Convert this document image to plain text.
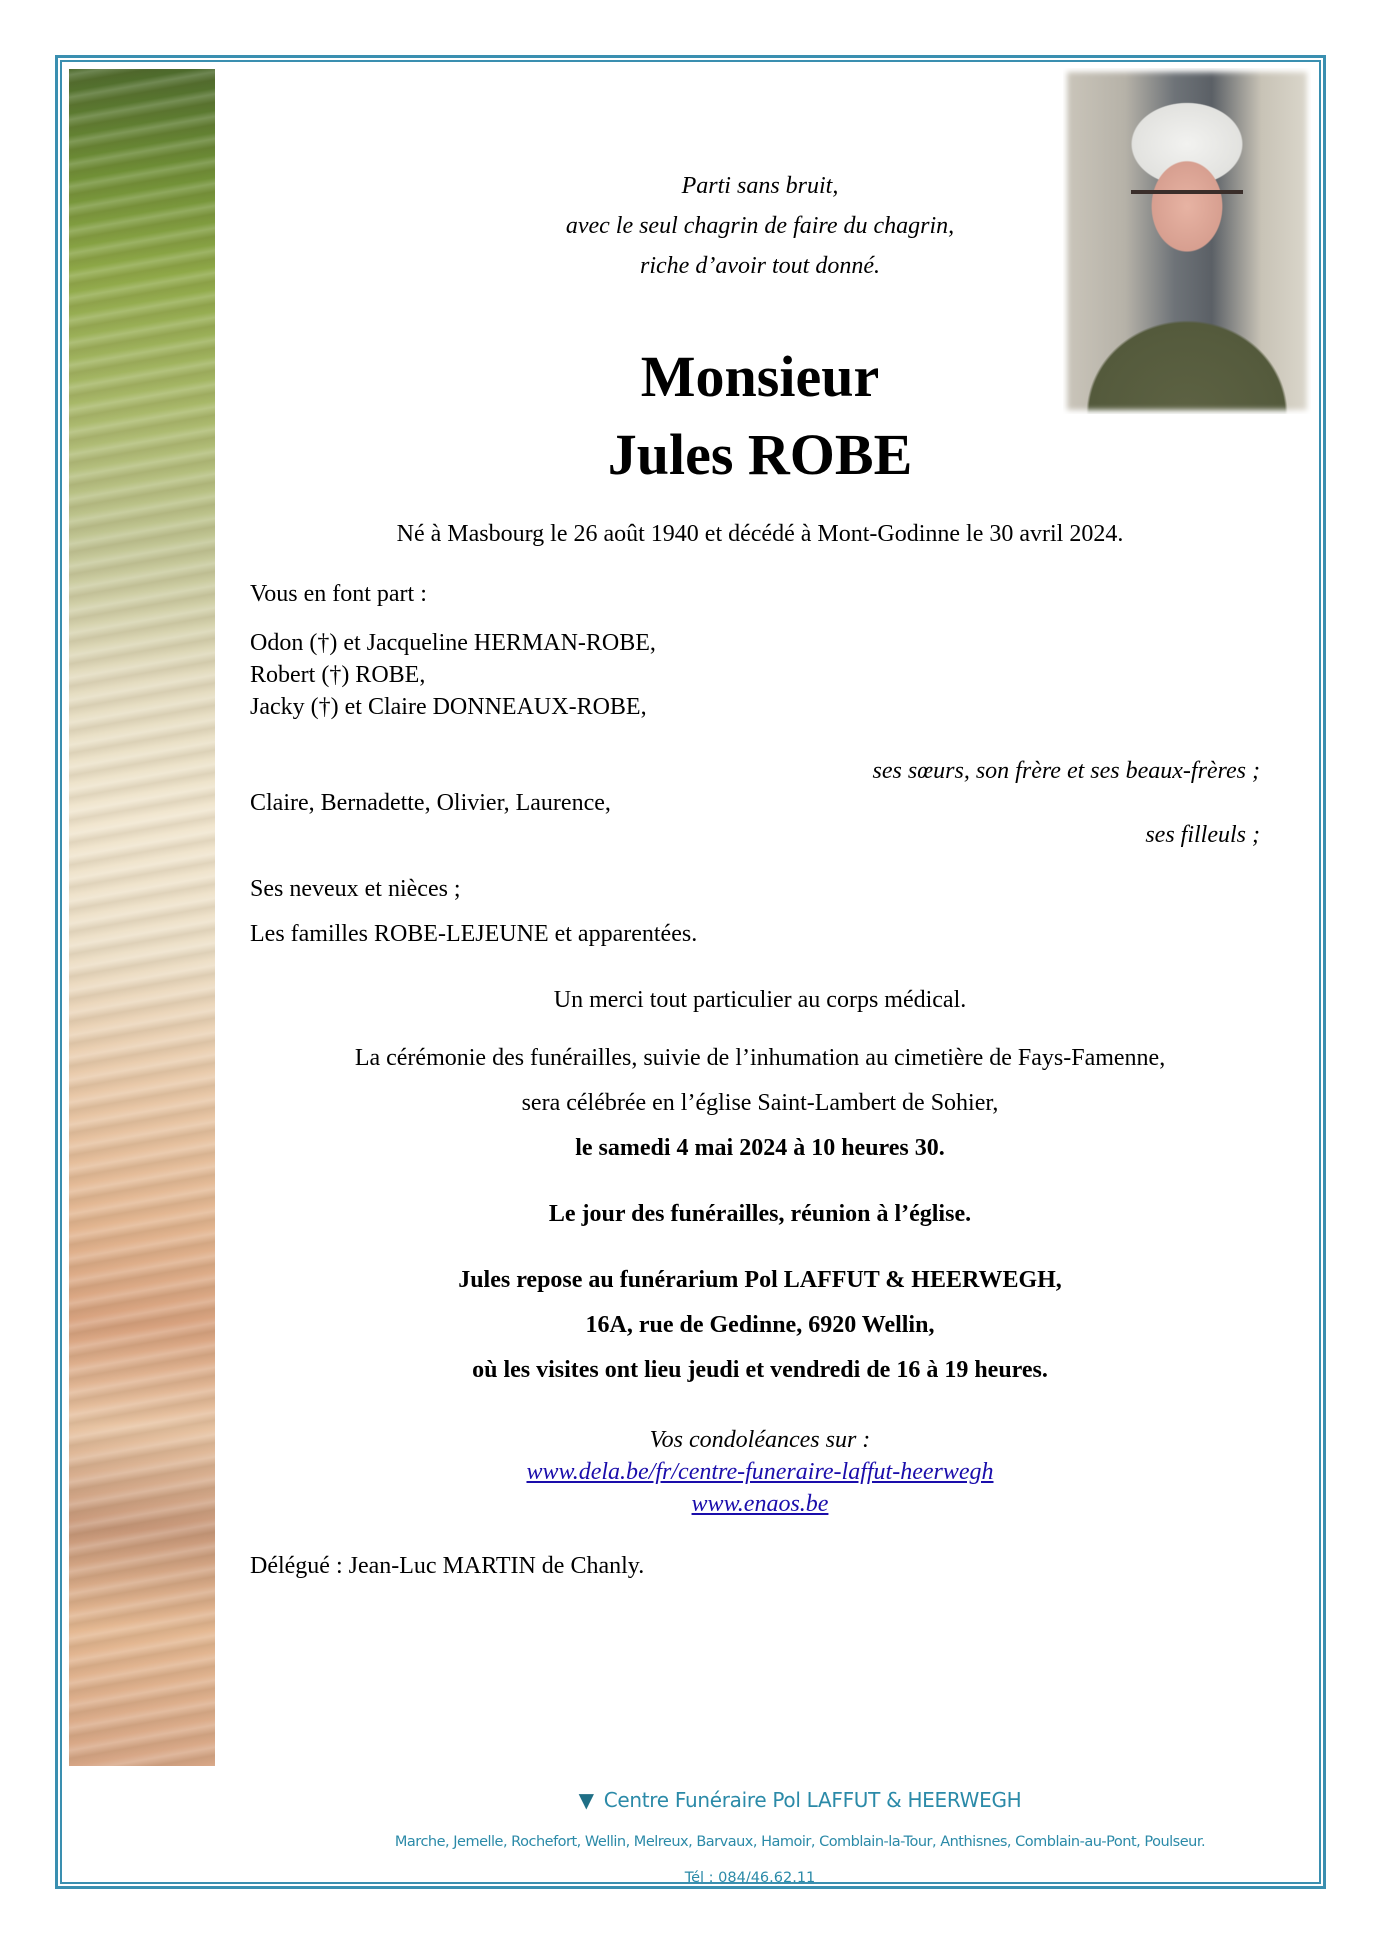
Parti sans bruit,
avec le seul chagrin de faire du chagrin,
riche d’avoir tout donné.
Monsieur
Jules ROBE
Né à Masbourg le 26 août 1940 et décédé à Mont-Godinne le 30 avril 2024.
Vous en font part :
Odon (†) et Jacqueline HERMAN-ROBE,
Robert (†) ROBE,
Jacky (†) et Claire DONNEAUX-ROBE,
ses sœurs, son frère et ses beaux-frères ;
Claire, Bernadette, Olivier, Laurence,
ses filleuls ;
Ses neveux et nièces ;
Les familles ROBE-LEJEUNE et apparentées.
Un merci tout particulier au corps médical.
La cérémonie des funérailles, suivie de l’inhumation au cimetière de Fays-Famenne,
sera célébrée en l’église Saint-Lambert de Sohier,
le samedi 4 mai 2024 à 10 heures 30.
Le jour des funérailles, réunion à l’église.
Jules repose au funérarium Pol LAFFUT & HEERWEGH,
16A, rue de Gedinne, 6920 Wellin,
où les visites ont lieu jeudi et vendredi de 16 à 19 heures.
Vos condoléances sur :
www.dela.be/fr/centre-funeraire-laffut-heerwegh
www.enaos.be
Délégué : Jean-Luc MARTIN de Chanly.
▼ Centre Funéraire Pol LAFFUT & HEERWEGH
Marche, Jemelle, Rochefort, Wellin, Melreux, Barvaux, Hamoir, Comblain-la-Tour, Anthisnes, Comblain-au-Pont, Poulseur.
Tél : 084/46.62.11
